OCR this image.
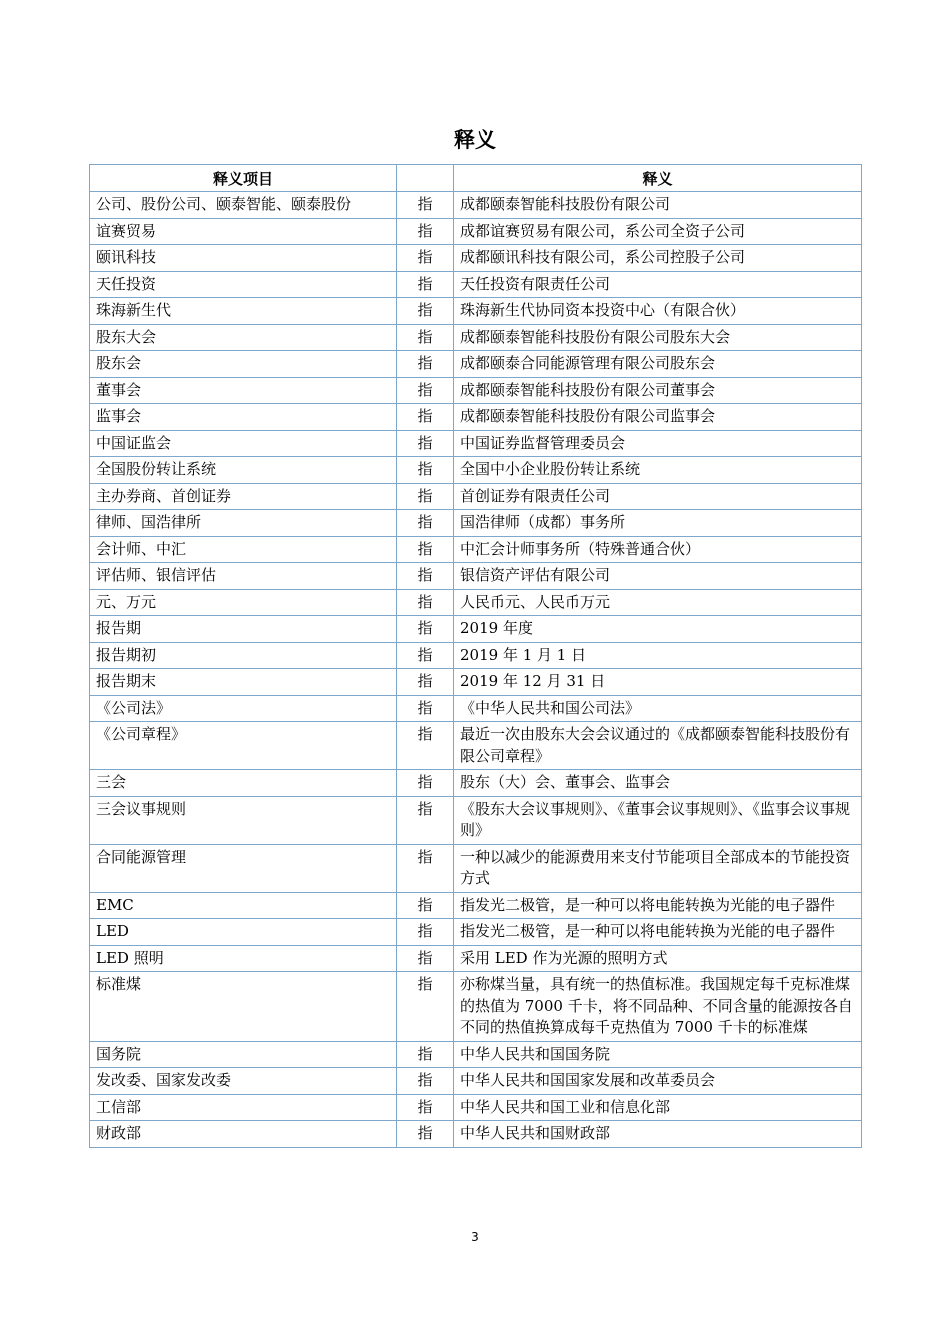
释义
释义项目		释义
公司、股份公司、颐泰智能、颐泰股份	指	成都颐泰智能科技股份有限公司
谊赛贸易	指	成都谊赛贸易有限公司，系公司全资子公司
颐讯科技	指	成都颐讯科技有限公司，系公司控股子公司
天任投资	指	天任投资有限责任公司
珠海新生代	指	珠海新生代协同资本投资中心（有限合伙）
股东大会	指	成都颐泰智能科技股份有限公司股东大会
股东会	指	成都颐泰合同能源管理有限公司股东会
董事会	指	成都颐泰智能科技股份有限公司董事会
监事会	指	成都颐泰智能科技股份有限公司监事会
中国证监会	指	中国证券监督管理委员会
全国股份转让系统	指	全国中小企业股份转让系统
主办券商、首创证券	指	首创证券有限责任公司
律师、国浩律所	指	国浩律师（成都）事务所
会计师、中汇	指	中汇会计师事务所（特殊普通合伙）
评估师、银信评估	指	银信资产评估有限公司
元、万元	指	人民币元、人民币万元
报告期	指	2019 年度
报告期初	指	2019 年 1 月 1 日
报告期末	指	2019 年 12 月 31 日
《公司法》	指	《中华人民共和国公司法》
《公司章程》	指	最近一次由股东大会会议通过的《成都颐泰智能科技股份有限公司章程》
三会	指	股东（大）会、董事会、监事会
三会议事规则	指	《股东大会议事规则》、《董事会议事规则》、《监事会议事规则》
合同能源管理	指	一种以减少的能源费用来支付节能项目全部成本的节能投资方式
EMC	指	指发光二极管，是一种可以将电能转换为光能的电子器件
LED	指	指发光二极管，是一种可以将电能转换为光能的电子器件
LED 照明	指	采用 LED 作为光源的照明方式
标准煤	指	亦称煤当量，具有统一的热值标准。我国规定每千克标准煤的热值为 7000 千卡，将不同品种、不同含量的能源按各自不同的热值换算成每千克热值为 7000 千卡的标准煤
国务院	指	中华人民共和国国务院
发改委、国家发改委	指	中华人民共和国国家发展和改革委员会
工信部	指	中华人民共和国工业和信息化部
财政部	指	中华人民共和国财政部
3
